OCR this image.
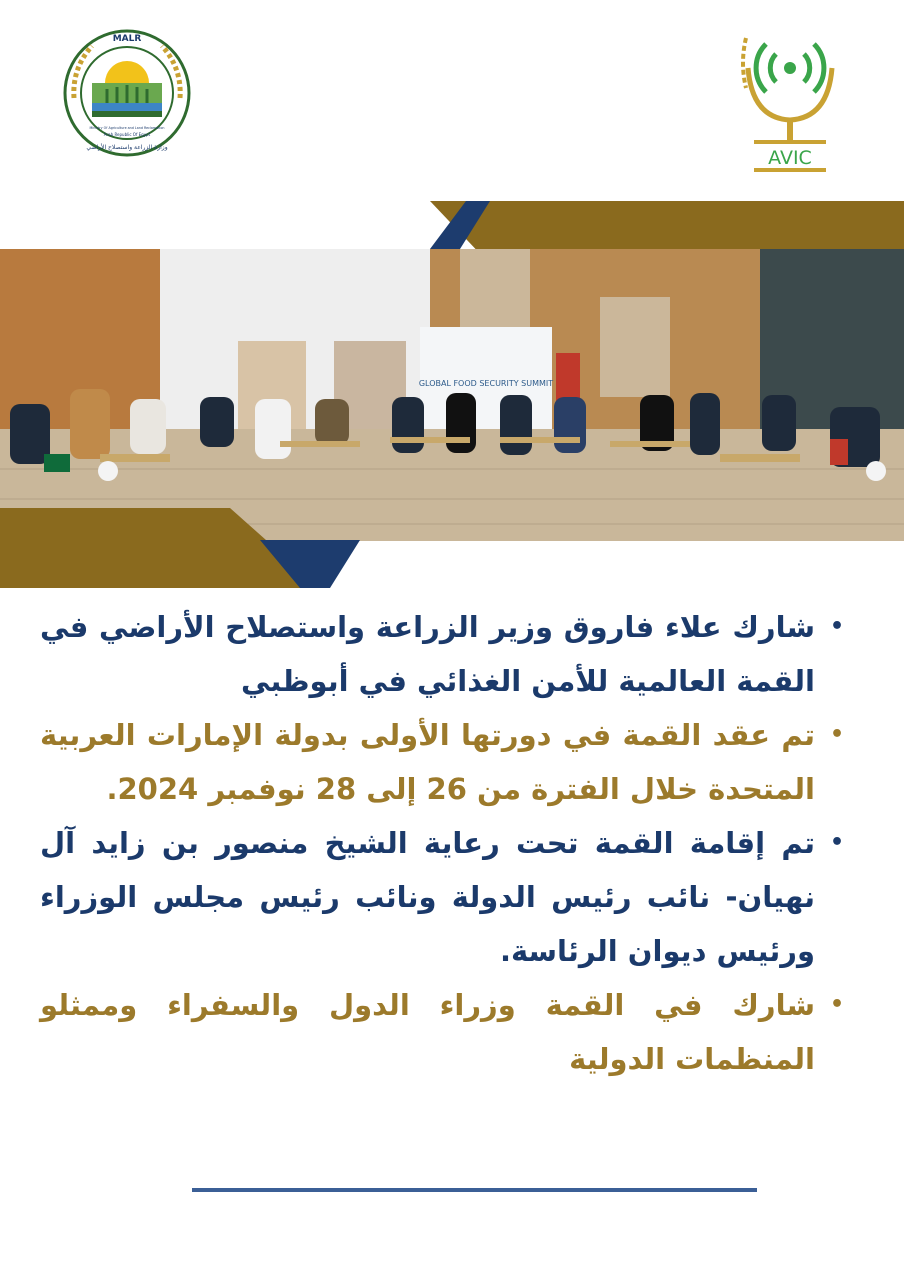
MALR
وزارة الزراعة واستصلاح الأراضي
Arab Republic Of Egypt
Ministry Of Agriculture and Land Reclamation
AVIC
GLOBAL FOOD SECURITY SUMMIT
•
شارك علاء فاروق وزير الزراعة واستصلاح الأراضي في القمة العالمية للأمن الغذائي في أبوظبي
•
تم عقد القمة في دورتها الأولى بدولة الإمارات العربية المتحدة خلال الفترة من 26 إلى 28 نوفمبر 2024.
•
تم إقامة القمة تحت رعاية الشيخ منصور بن زايد آل نهيان- نائب رئيس الدولة ونائب رئيس مجلس الوزراء ورئيس ديوان الرئاسة.
•
شارك في القمة وزراء الدول والسفراء وممثلو المنظمات الدولية
